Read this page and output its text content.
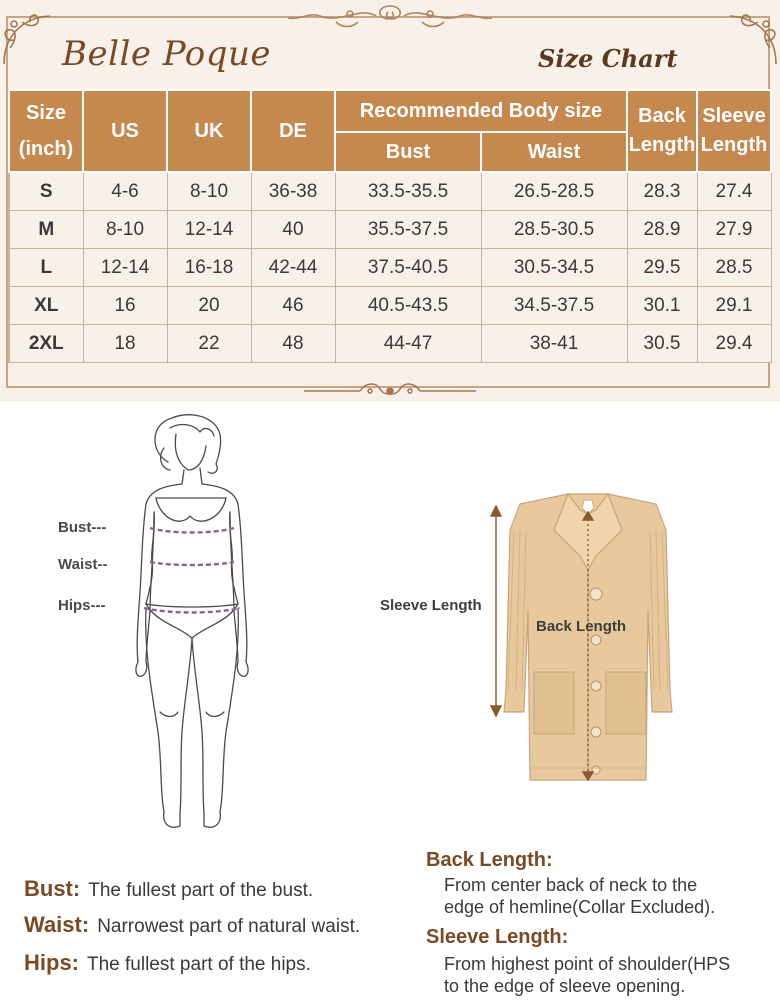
Belle Poque	Size Chart
Size (inch)	US	UK	DE	Recommended Body size		Back Length	Sleeve Length
				Bust	Waist		
S	4-6	8-10	36-38	33.5-35.5	26.5-28.5	28.3	27.4
M	8-10	12-14	40	35.5-37.5	28.5-30.5	28.9	27.9
L	12-14	16-18	42-44	37.5-40.5	30.5-34.5	29.5	28.5
XL	16	20	46	40.5-43.5	34.5-37.5	30.1	29.1
2XL	18	22	48	44-47	38-41	30.5	29.4
Bust---
Waist--
Hips---	Sleeve Length
Back Length
Bust: The fullest part of the bust.
Waist: Narrowest part of natural waist.
Hips: The fullest part of the hips.
Back Length:
From center back of neck to the
edge of hemline(Collar Excluded).
Sleeve Length:
From highest point of shoulder(HPS
to the edge of sleeve opening.
